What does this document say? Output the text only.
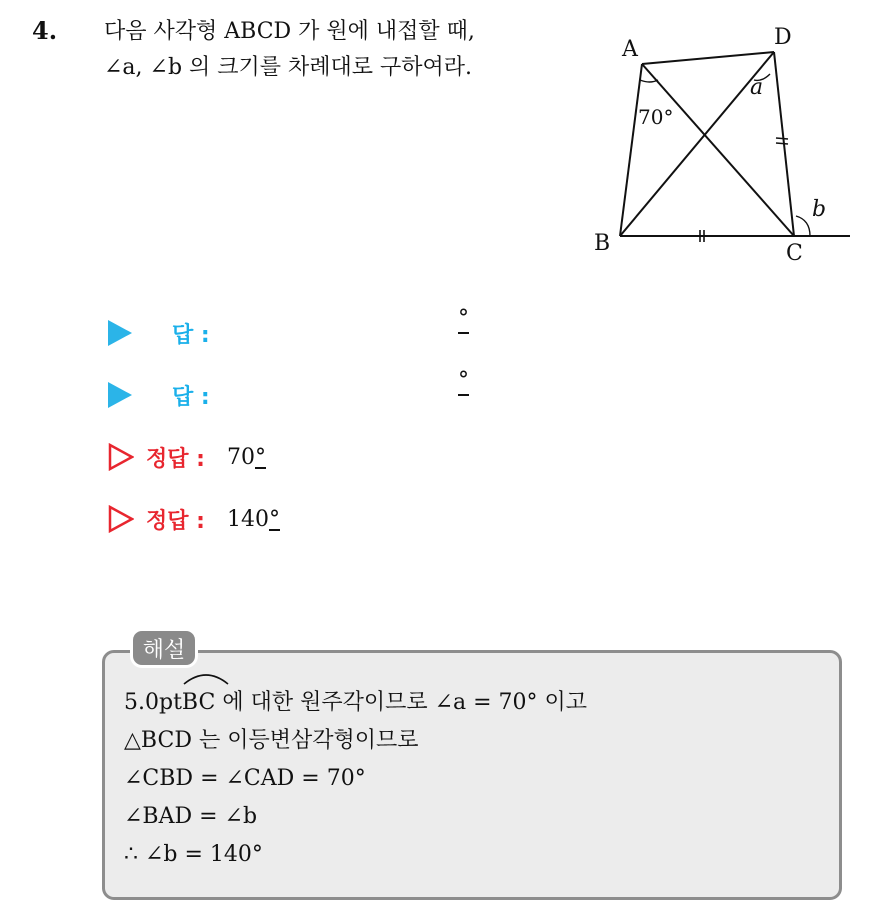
4. 다음 사각형 ABCD 가 원에 내접할 때,
∠a, ∠b 의 크기를 차례대로 구하여라.
A	D
B	C
a
b
70°
답 :
°
답 :
°
정답 : 70°
정답 : 140°
해설
5.0pt
BC 에 대한 원주각이므로 ∠a = 70° 이고
△BCD 는 이등변삼각형이므로
∠CBD = ∠CAD = 70°
∠BAD = ∠b
∴ ∠b = 140°
